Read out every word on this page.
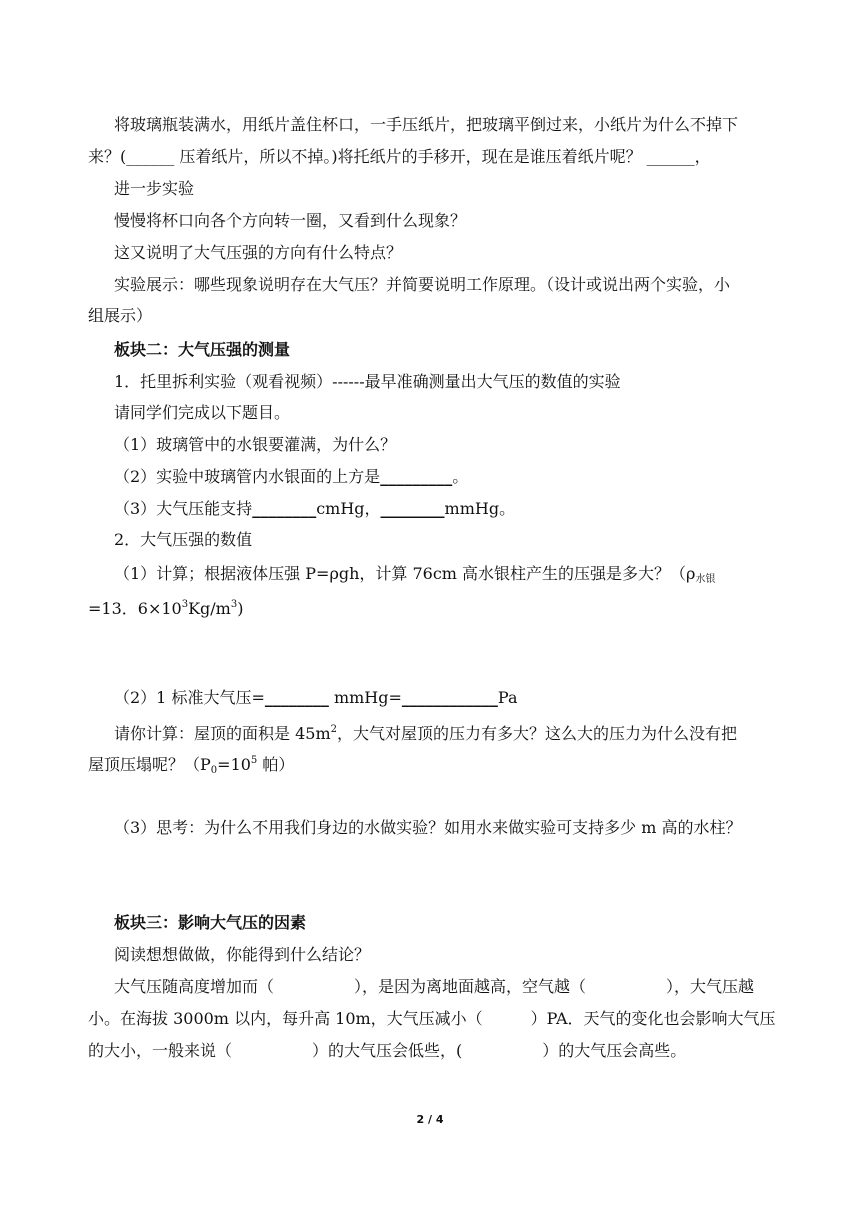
将玻璃瓶装满水，用纸片盖住杯口，一手压纸片，把玻璃平倒过来，小纸片为什么不掉下
来？(______ 压着纸片，所以不掉。)将托纸片的手移开，现在是谁压着纸片呢？ ______，
进一步实验
慢慢将杯口向各个方向转一圈，又看到什么现象？
这又说明了大气压强的方向有什么特点？
实验展示：哪些现象说明存在大气压？并简要说明工作原理。（设计或说出两个实验，小
组展示）
板块二：大气压强的测量
1．托里拆利实验（观看视频）------最早准确测量出大气压的数值的实验
请同学们完成以下题目。
（1）玻璃管中的水银要灌满，为什么？
（2）实验中玻璃管内水银面的上方是_________。
（3）大气压能支持________cmHg，________mmHg。
2．大气压强的数值
（1）计算；根据液体压强 P=ρgh，计算 76cm 高水银柱产生的压强是多大？（$\rho_{水银}$
=13．$6\times 10^3Kg/m^3$)
（2）1 标准大气压=________ mmHg=____________Pa
请你计算：屋顶的面积是 $45m^2$，大气对屋顶的压力有多大？这么大的压力为什么没有把
屋顶压塌呢？（$P_0=10^5$ 帕）
（3）思考：为什么不用我们身边的水做实验？如用水来做实验可支持多少 m 高的水柱？
板块三：影响大气压的因素
阅读想想做做，你能得到什么结论？
大气压随高度增加而（　　　　　），是因为离地面越高，空气越（　　　　　），大气压越
小。在海拔 3000m 以内，每升高 10m，大气压减小（　　　）PA．天气的变化也会影响大气压
的大小，一般来说（　　　　　）的大气压会低些，(　　　　　）的大气压会高些。
2 / 4
